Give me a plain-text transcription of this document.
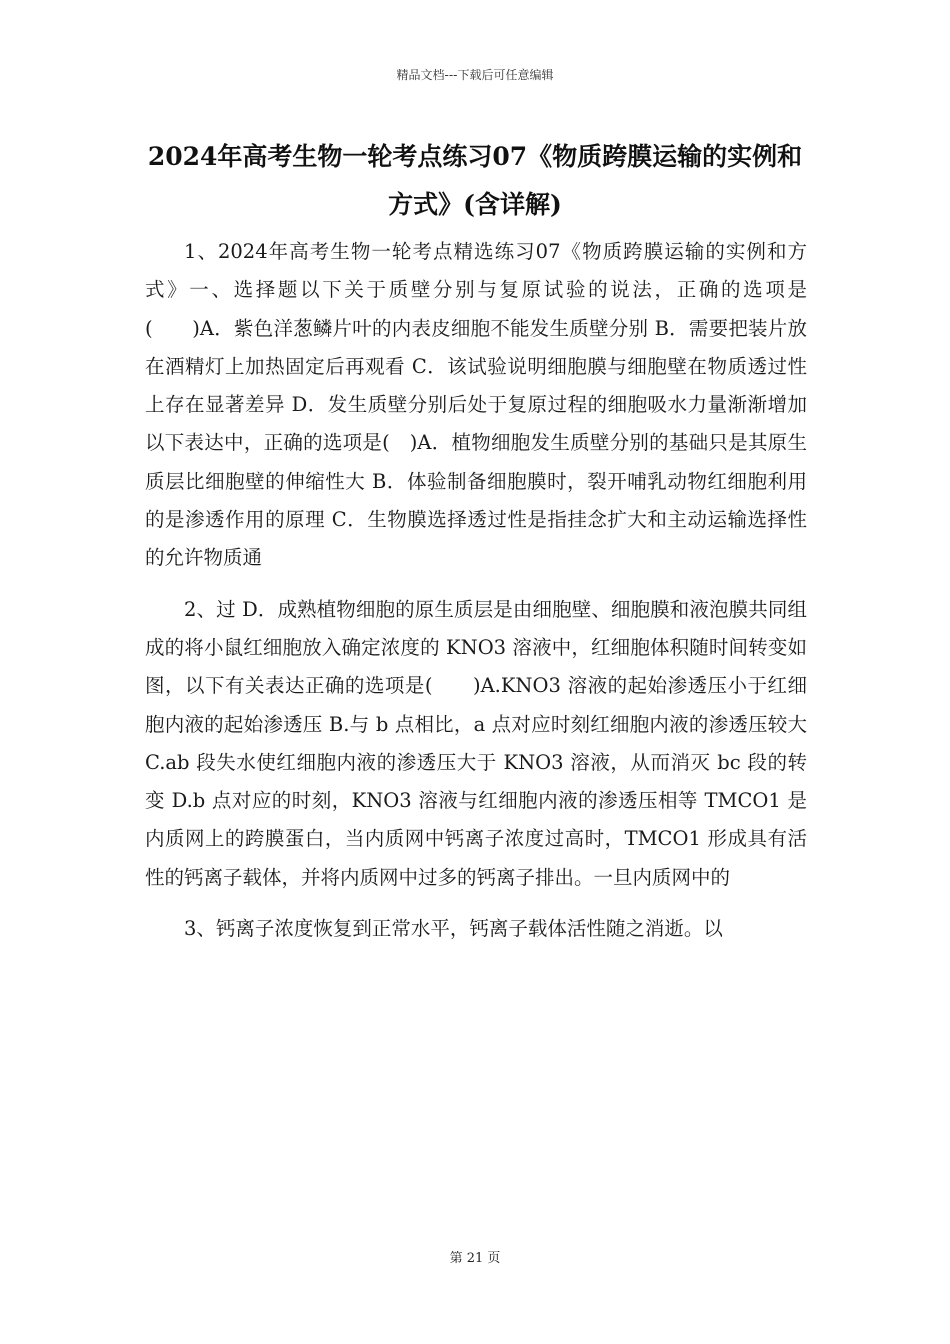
精品文档---下载后可任意编辑
2024年高考生物一轮考点练习07《物质跨膜运输的实例和方式》(含详解)

1、2024年高考生物一轮考点精选练习07《物质跨膜运输的实例和方式》一、选择题以下关于质壁分别与复原试验的说法，正确的选项是(　　)A．紫色洋葱鳞片叶的内表皮细胞不能发生质壁分别 B．需要把装片放在酒精灯上加热固定后再观看 C．该试验说明细胞膜与细胞壁在物质透过性上存在显著差异 D．发生质壁分别后处于复原过程的细胞吸水力量渐渐增加以下表达中，正确的选项是(　)A．植物细胞发生质壁分别的基础只是其原生质层比细胞壁的伸缩性大 B．体验制备细胞膜时，裂开哺乳动物红细胞利用的是渗透作用的原理 C．生物膜选择透过性是指挂念扩大和主动运输选择性的允许物质通

2、过 D．成熟植物细胞的原生质层是由细胞壁、细胞膜和液泡膜共同组成的将小鼠红细胞放入确定浓度的 KNO3 溶液中，红细胞体积随时间转变如图，以下有关表达正确的选项是(　　)A.KNO3 溶液的起始渗透压小于红细胞内液的起始渗透压 B.与 b 点相比，a 点对应时刻红细胞内液的渗透压较大 C.ab 段失水使红细胞内液的渗透压大于 KNO3 溶液，从而消灭 bc 段的转变 D.b 点对应的时刻，KNO3 溶液与红细胞内液的渗透压相等 TMCO1 是内质网上的跨膜蛋白，当内质网中钙离子浓度过高时，TMCO1 形成具有活性的钙离子载体，并将内质网中过多的钙离子排出。一旦内质网中的

3、钙离子浓度恢复到正常水平，钙离子载体活性随之消逝。以

第 21 页
